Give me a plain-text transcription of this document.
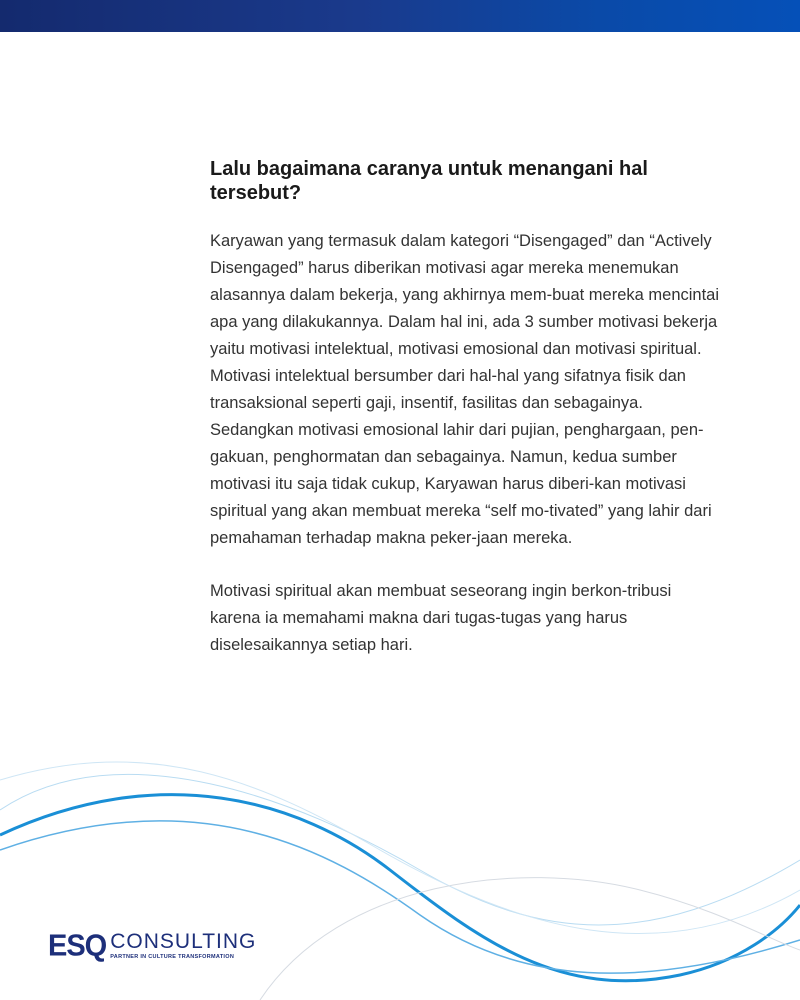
Lalu bagaimana caranya untuk menangani hal tersebut?

Karyawan yang termasuk dalam kategori “Disengaged” dan “Actively Disengaged” harus diberikan motivasi agar mereka menemukan alasannya dalam bekerja, yang akhirnya mem-buat mereka mencintai apa yang dilakukannya. Dalam hal ini, ada 3 sumber motivasi bekerja yaitu motivasi intelektual, motivasi emosional dan motivasi spiritual. Motivasi intelektual bersumber dari hal-hal yang sifatnya fisik dan transaksional seperti gaji, insentif, fasilitas dan sebagainya. Sedangkan motivasi emosional lahir dari pujian, penghargaan, pen-gakuan, penghormatan dan sebagainya. Namun, kedua sumber motivasi itu saja tidak cukup, Karyawan harus diberi-kan motivasi spiritual yang akan membuat mereka “self mo-tivated” yang lahir dari pemahaman terhadap makna peker-jaan mereka.

Motivasi spiritual akan membuat seseorang ingin berkon-tribusi karena ia memahami makna dari tugas-tugas yang harus diselesaikannya setiap hari.

ESQ CONSULTING
PARTNER IN CULTURE TRANSFORMATION
